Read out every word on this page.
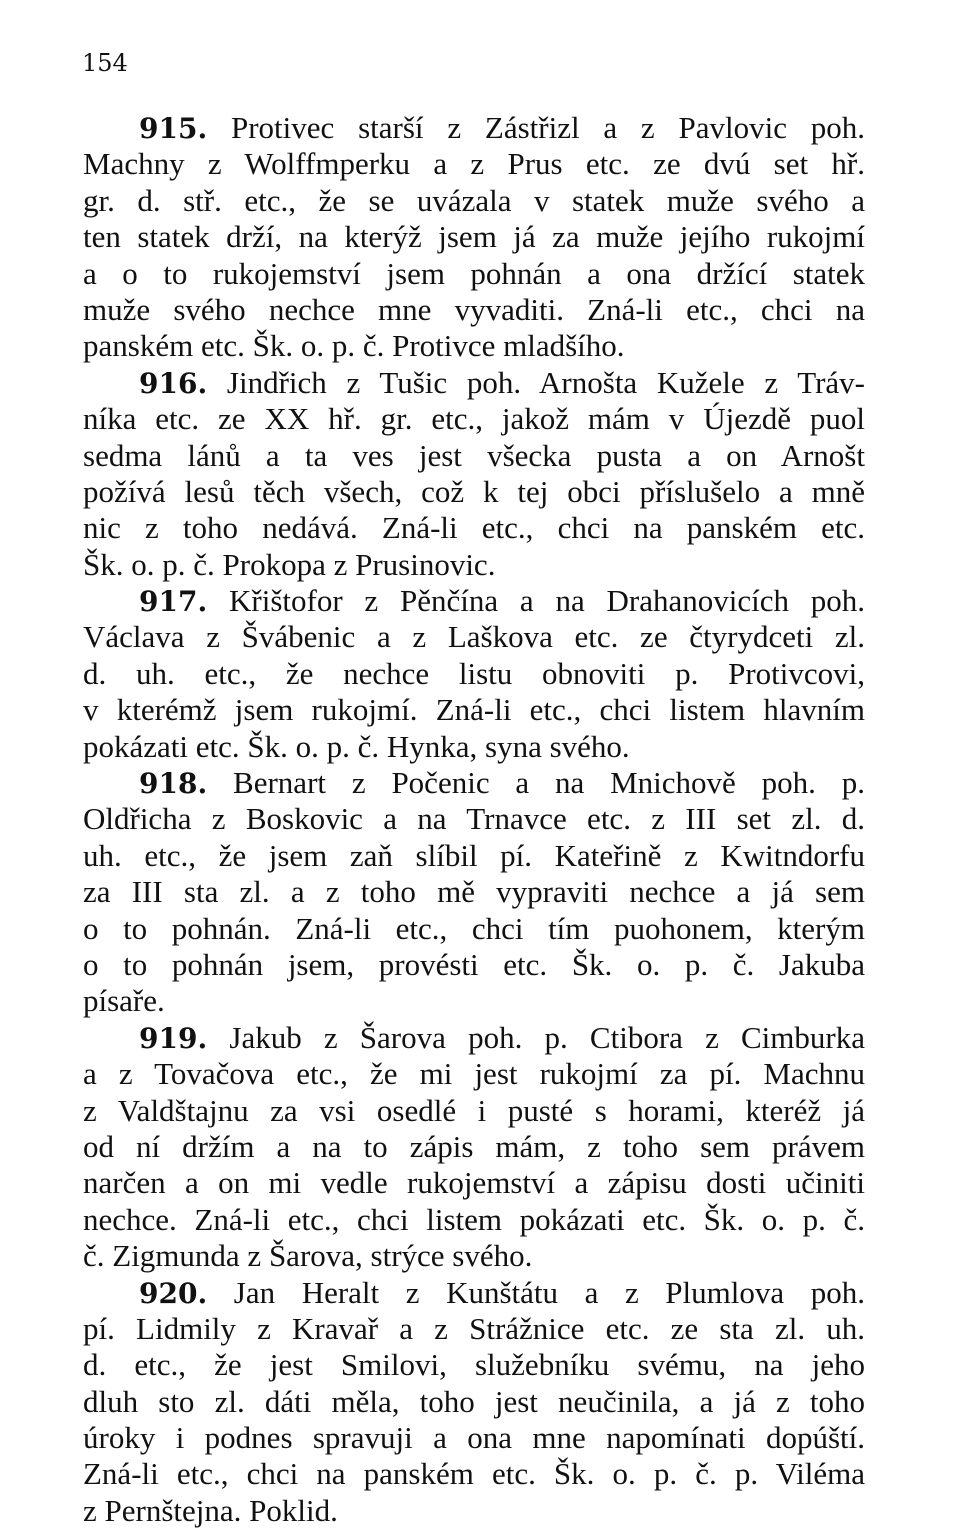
154
915. Protivec starší z Zástřizl a z Pavlovic poh.
Machny z Wolffmperku a z Prus etc. ze dvú set hř.
gr. d. stř. etc., že se uvázala v statek muže svého a
ten statek drží, na kterýž jsem já za muže jejího rukojmí
a o to rukojemství jsem pohnán a ona držící statek
muže svého nechce mne vyvaditi. Zná-li etc., chci na
panském etc. Šk. o. p. č. Protivce mladšího.
916. Jindřich z Tušic poh. Arnošta Kužele z Tráv-
níka etc. ze XX hř. gr. etc., jakož mám v Újezdě puol
sedma lánů a ta ves jest všecka pusta a on Arnošt
požívá lesů těch všech, což k tej obci příslušelo a mně
nic z toho nedává. Zná-li etc., chci na panském etc.
Šk. o. p. č. Prokopa z Prusinovic.
917. Křištofor z Pěnčína a na Drahanovicích poh.
Václava z Švábenic a z Laškova etc. ze čtyrydceti zl.
d. uh. etc., že nechce listu obnoviti p. Protivcovi,
v kterémž jsem rukojmí. Zná-li etc., chci listem hlavním
pokázati etc. Šk. o. p. č. Hynka, syna svého.
918. Bernart z Počenic a na Mnichově poh. p.
Oldřicha z Boskovic a na Trnavce etc. z III set zl. d.
uh. etc., že jsem zaň slíbil pí. Kateřině z Kwitndorfu
za III sta zl. a z toho mě vypraviti nechce a já sem
o to pohnán. Zná-li etc., chci tím puohonem, kterým
o to pohnán jsem, provésti etc. Šk. o. p. č. Jakuba
písaře.
919. Jakub z Šarova poh. p. Ctibora z Cimburka
a z Tovačova etc., že mi jest rukojmí za pí. Machnu
z Valdštajnu za vsi osedlé i pusté s horami, kteréž já
od ní držím a na to zápis mám, z toho sem právem
narčen a on mi vedle rukojemství a zápisu dosti učiniti
nechce. Zná-li etc., chci listem pokázati etc. Šk. o. p. č.
č. Zigmunda z Šarova, strýce svého.
920. Jan Heralt z Kunštátu a z Plumlova poh.
pí. Lidmily z Kravař a z Strážnice etc. ze sta zl. uh.
d. etc., že jest Smilovi, služebníku svému, na jeho
dluh sto zl. dáti měla, toho jest neučinila, a já z toho
úroky i podnes spravuji a ona mne napomínati dopúští.
Zná-li etc., chci na panském etc. Šk. o. p. č. p. Viléma
z Pernštejna. Poklid.
